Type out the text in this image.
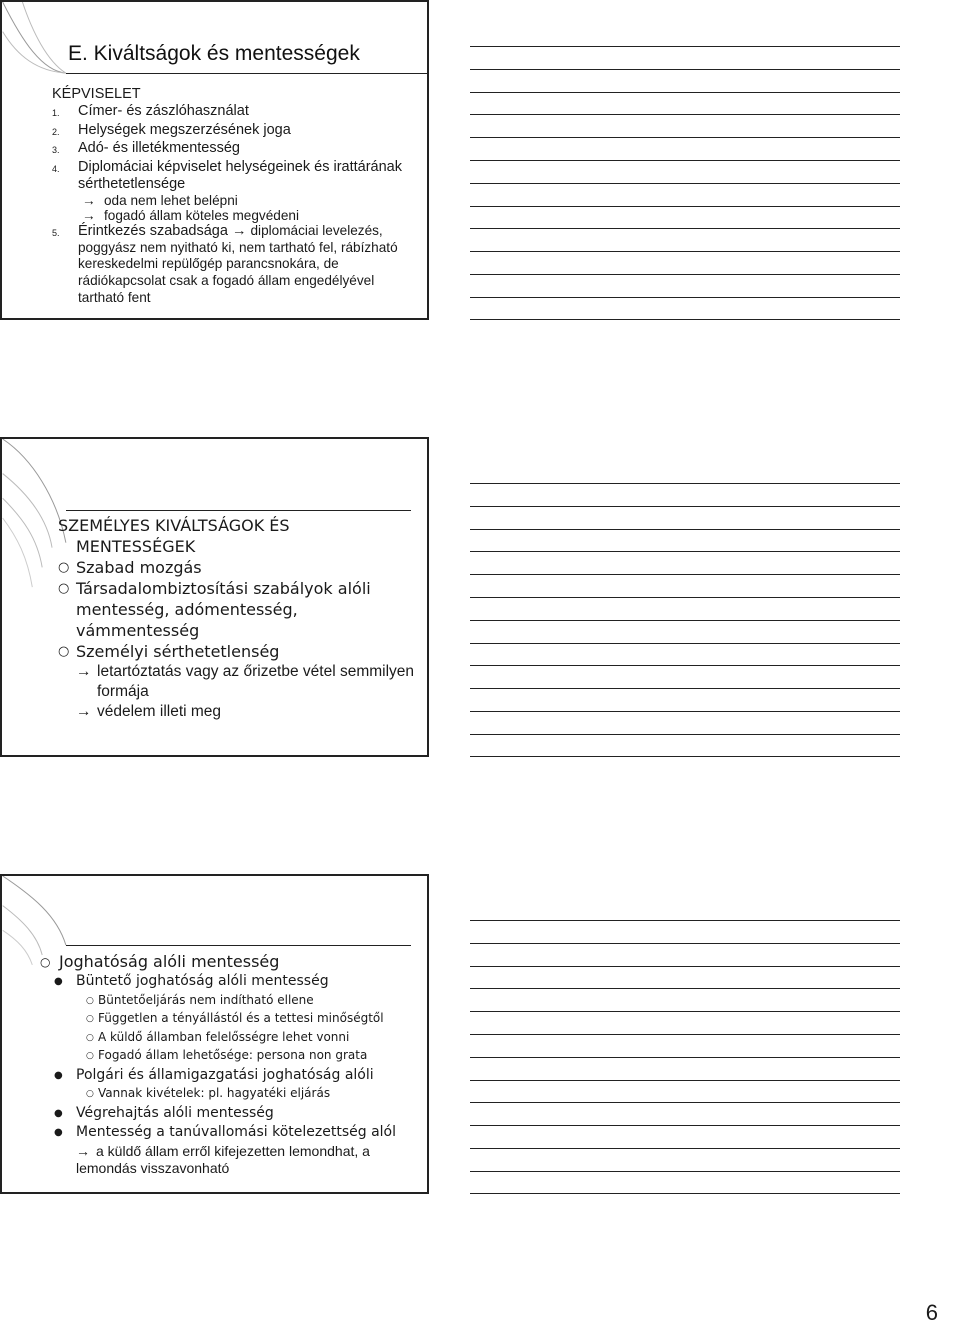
E. Kiváltságok és mentességek
KÉPVISELET
1.	Címer- és zászlóhasználat
2.	Helységek megszerzésének joga
3.	Adó- és illetékmentesség
4.	Diplomáciai képviselet helységeinek és irattárának sérthetetlensége
→ oda nem lehet belépni
→ fogadó állam köteles megvédeni
5.	Érintkezés szabadsága → diplomáciai levelezés, poggyász nem nyitható ki, nem tartható fel, rábízható kereskedelmi repülőgép parancsnokára, de rádiókapcsolat csak a fogadó állam engedélyével tartható fent
SZEMÉLYES KIVÁLTSÁGOK ÉS
MENTESSÉGEK
○ Szabad mozgás
○ Társadalombiztosítási szabályok alóli mentesség, adómentesség, vámmentesség
○ Személyi sérthetetlenség
→ letartóztatás vagy az őrizetbe vétel semmilyen formája
→ védelem illeti meg
○ Joghatóság alóli mentesség
● Büntető joghatóság alóli mentesség
○ Büntetőeljárás nem indítható ellene
○ Független a tényállástól és a tettesi minőségtől
○ A küldő államban felelősségre lehet vonni
○ Fogadó állam lehetősége: persona non grata
● Polgári és államigazgatási joghatóság alóli
○ Vannak kivételek: pl. hagyatéki eljárás
● Végrehajtás alóli mentesség
● Mentesség a tanúvallomási kötelezettség alól
→ a küldő állam erről kifejezetten lemondhat, a
lemondás visszavonható
6
